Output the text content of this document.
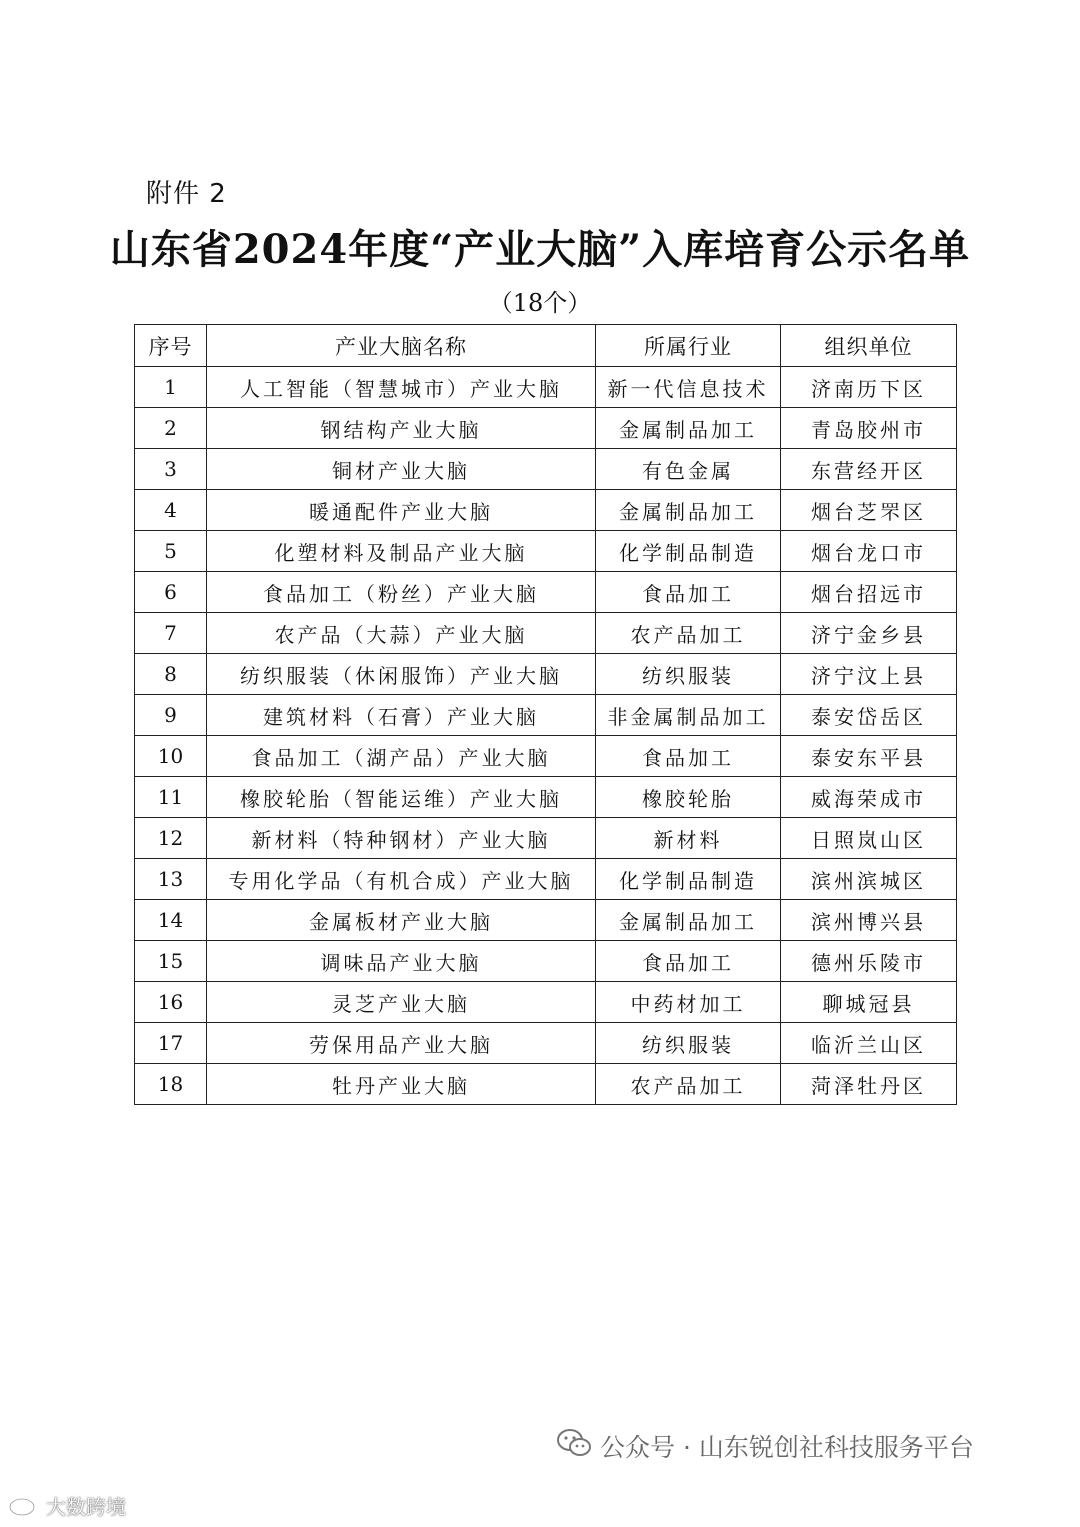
附件 2
山东省2024年度“产业大脑”入库培育公示名单
（18个）
序号	产业大脑名称	所属行业	组织单位
1	人工智能（智慧城市）产业大脑	新一代信息技术	济南历下区
2	钢结构产业大脑	金属制品加工	青岛胶州市
3	铜材产业大脑	有色金属	东营经开区
4	暖通配件产业大脑	金属制品加工	烟台芝罘区
5	化塑材料及制品产业大脑	化学制品制造	烟台龙口市
6	食品加工（粉丝）产业大脑	食品加工	烟台招远市
7	农产品（大蒜）产业大脑	农产品加工	济宁金乡县
8	纺织服装（休闲服饰）产业大脑	纺织服装	济宁汶上县
9	建筑材料（石膏）产业大脑	非金属制品加工	泰安岱岳区
10	食品加工（湖产品）产业大脑	食品加工	泰安东平县
11	橡胶轮胎（智能运维）产业大脑	橡胶轮胎	威海荣成市
12	新材料（特种钢材）产业大脑	新材料	日照岚山区
13	专用化学品（有机合成）产业大脑	化学制品制造	滨州滨城区
14	金属板材产业大脑	金属制品加工	滨州博兴县
15	调味品产业大脑	食品加工	德州乐陵市
16	灵芝产业大脑	中药材加工	聊城冠县
17	劳保用品产业大脑	纺织服装	临沂兰山区
18	牡丹产业大脑	农产品加工	菏泽牡丹区
大数跨境
公众号 · 山东锐创社科技服务平台
